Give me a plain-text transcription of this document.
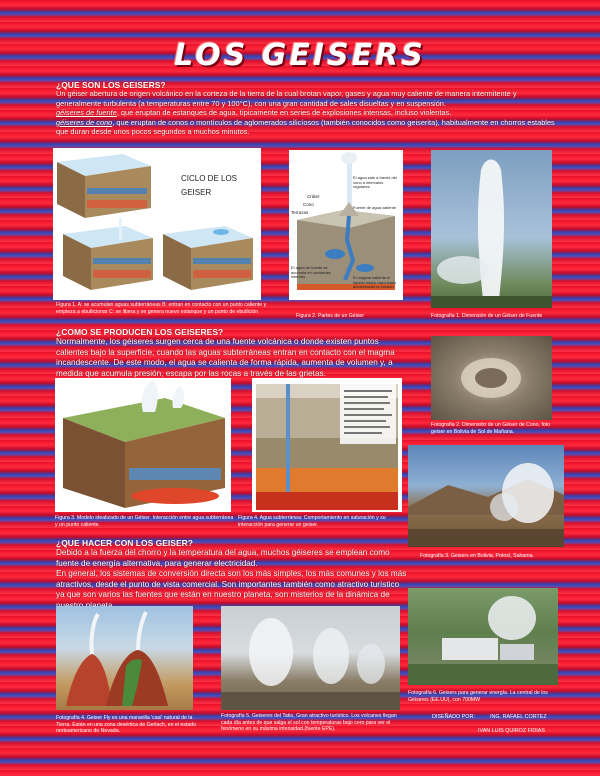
LOS GEISERS
¿QUE SON LOS GEISERS?
Un géiser abertura de origen volcánico en la corteza de la tierra de la cual brotan vapor, gases y agua muy caliente de manera intermitente y generalmente turbulenta (a temperaturas entre 70 y 100°C), con una gran cantidad de sales disueltas y en suspensión.
géiseres de fuente, que eruptan de estanques de agua, típicamente en series de explosiones intensas, incluso violentas.
géiseres de cono, que eruptan de conos o montículos de aglomerados silicíosos (también conocidos como geiserita), habitualmente en chorros estables que duran desde unos pocos segundos a muchos minutos.
CICLO DE LOS GEISER
Figura 1. A: se acumulan aguas subterráneas B: entran en contacto con un punto caliente y empieza a ebullicionar C: se libera y se genera nuevo estanque y un punto de ebullición
Cráter
Cono
Terrazas
El agua sale a través del cono a intervalos regulares
Fuente de agua caliente
El agua de fuente se acumula en cavidades internas	El magma calienta el líquido hasta vaporizarlo aumentando la presión
Figura 2. Partes de un Géiser	Fotografía 1. Dimensión de un Géiser de Fuente
¿COMO SE PRODUCEN LOS GEISERES?
Normalmente, los géiseres surgen cerca de una fuente volcánica o donde existen puntos calientes bajo la superficie, cuando las aguas subterráneas entran en contacto con el magma incandescente. De este modo, el agua se calienta de forma rápida, aumenta de volumen y, a medida que acumula presión, escapa por las rocas a través de las grietas.
Fotografía 2. Dimensión de un Géiser de Cono, foto geiser en Bolivia de Sol de Mañana.
Figura 3. Modelo idealizado de un Géiser. Interacción entre agua subterránea y un punto caliente.
Figura 4. Agua subterránea: Comportamiento en saturación y su interacción para generar un geiser.
Fotografía 3. Geisers en Bolivia, Potosí, Sahama.
¿QUE HACER CON LOS GEISER?
Debido a la fuerza del chorro y la temperatura del agua, muchos géiseres se emplean como fuente de energía alternativa, para generar electricidad.
En general, los sistemas de conversión directa son los más simples, los más comunes y los más atractivos, desde el punto de vista comercial. Son importantes también como atractivo turístico ya que son varios las fuentes que están en nuestro planeta, son misterios de la dinámica de
Fotografía 4. Geiser Fly es una maravilla 'casi' natural de la Tierra. Están en una zona desértica de Gerlach, en el estado norteamericano de Nevada.
Fotografía 5. Geiseres del Tatio, Gran atractivo turístico. Los volcanes llegan cada día antes de que salga el sol con temperaturas bajo cero para ver el fenómeno en su máxima intensidad.(fuente EPE).
Fotografía 6. Geisers para generar energía. La central de los Géiseres (EE.UU), con 700MW
DISEÑADO POR:	ING. RAFAEL CORTEZ
IVAN LUIS QUIROZ FIDIAS
